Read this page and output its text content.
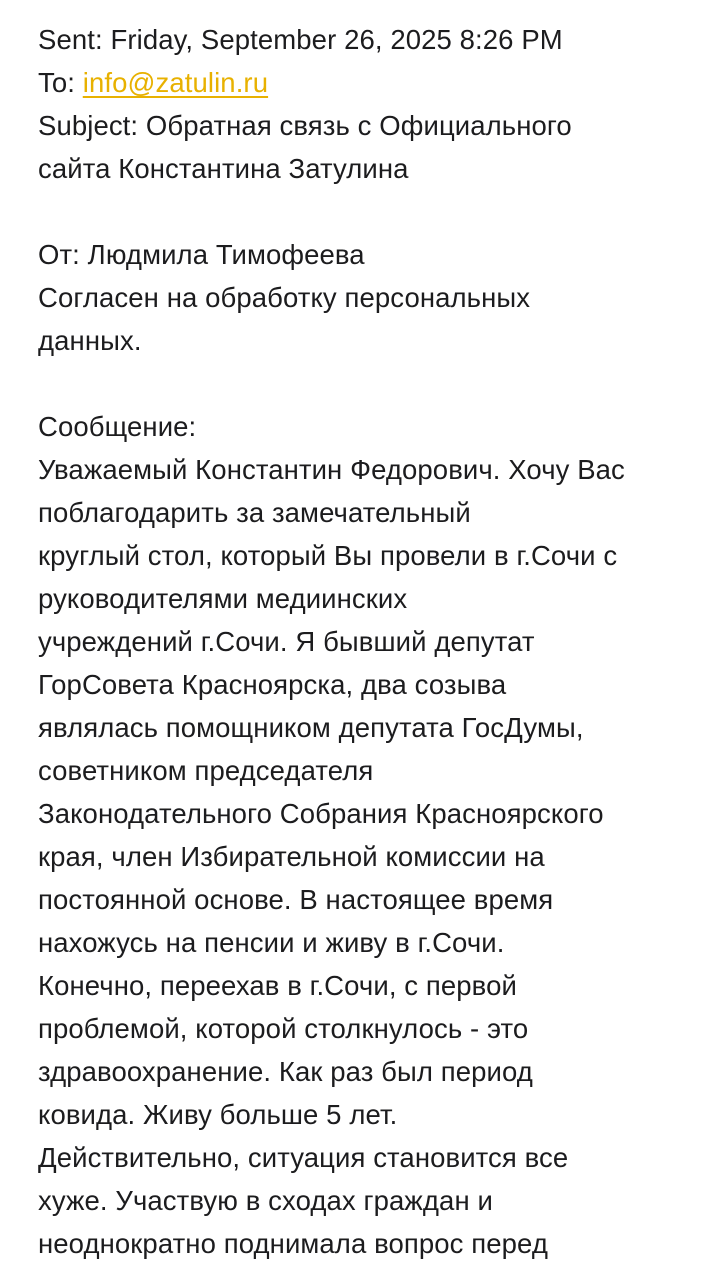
Sent: Friday, September 26, 2025 8:26 PM
To: info@zatulin.ru
Subject: Обратная связь с Официального
сайта Константина Затулина
От: Людмила Тимофеева
Согласен на обработку персональных
данных.
Сообщение:
Уважаемый Константин Федорович. Хочу Вас
поблагодарить за замечательный
круглый стол, который Вы провели в г.Сочи с
руководителями медиинских
учреждений г.Сочи. Я бывший депутат
ГорСовета Красноярска, два созыва
являлась помощником депутата ГосДумы,
советником председателя
Законодательного Собрания Красноярского
края, член Избирательной комиссии на
постоянной основе. В настоящее время
нахожусь на пенсии и живу в г.Сочи.
Конечно, переехав в г.Сочи, с первой
проблемой, которой столкнулось - это
здравоохранение. Как раз был период
ковида. Живу больше 5 лет.
Действительно, ситуация становится все
хуже. Участвую в сходах граждан и
неоднократно поднимала вопрос перед
